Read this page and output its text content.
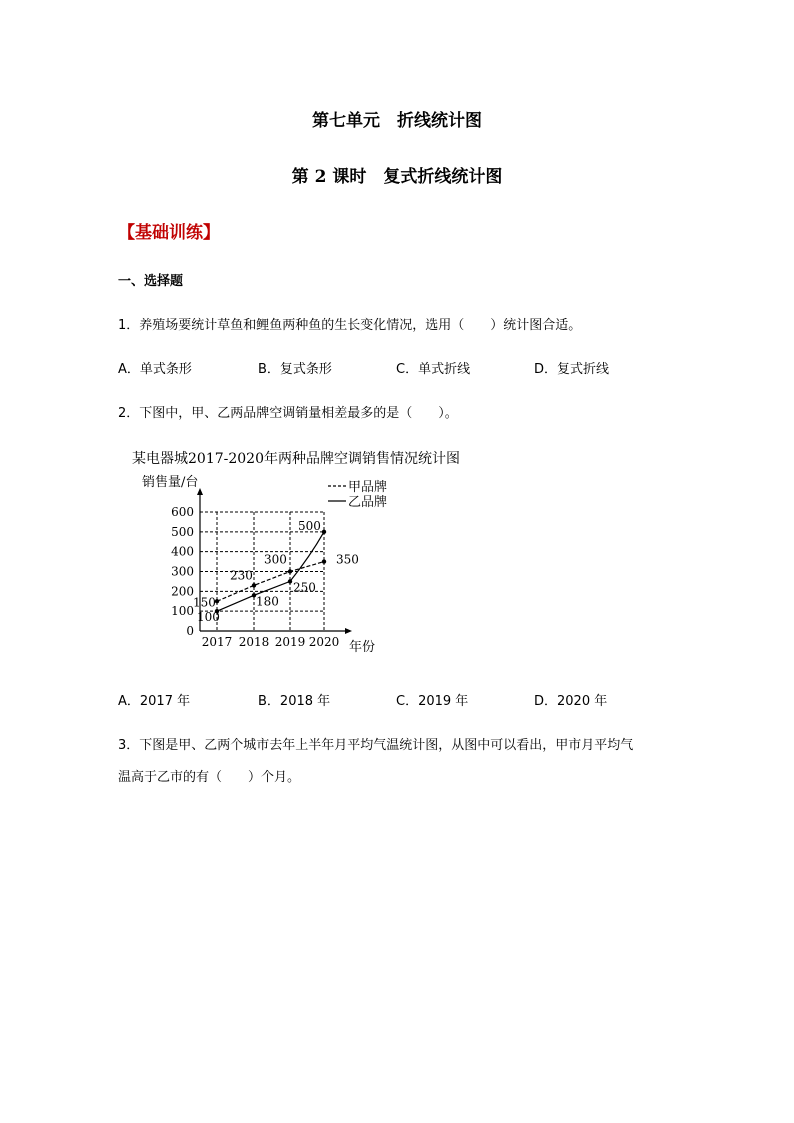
第七单元　折线统计图
第 2 课时　复式折线统计图
【基础训练】
一、选择题
1．养殖场要统计草鱼和鲤鱼两种鱼的生长变化情况，选用（　　）统计图合适。
A．单式条形	B．复式条形	C．单式折线	D．复式折线
2．下图中，甲、乙两品牌空调销量相差最多的是（　　）。
某电器城2017-2020年两种品牌空调销售情况统计图
0
100
200
300
400
500
600
销售量/台
年份
2017 2018 2019 2020
150
230
300	350
100
180
250
500
甲品牌
乙品牌
A．2017 年	B．2018 年	C．2019 年	D．2020 年
3．下图是甲、乙两个城市去年上半年月平均气温统计图，从图中可以看出，甲市月平均气
温高于乙市的有（　　）个月。
